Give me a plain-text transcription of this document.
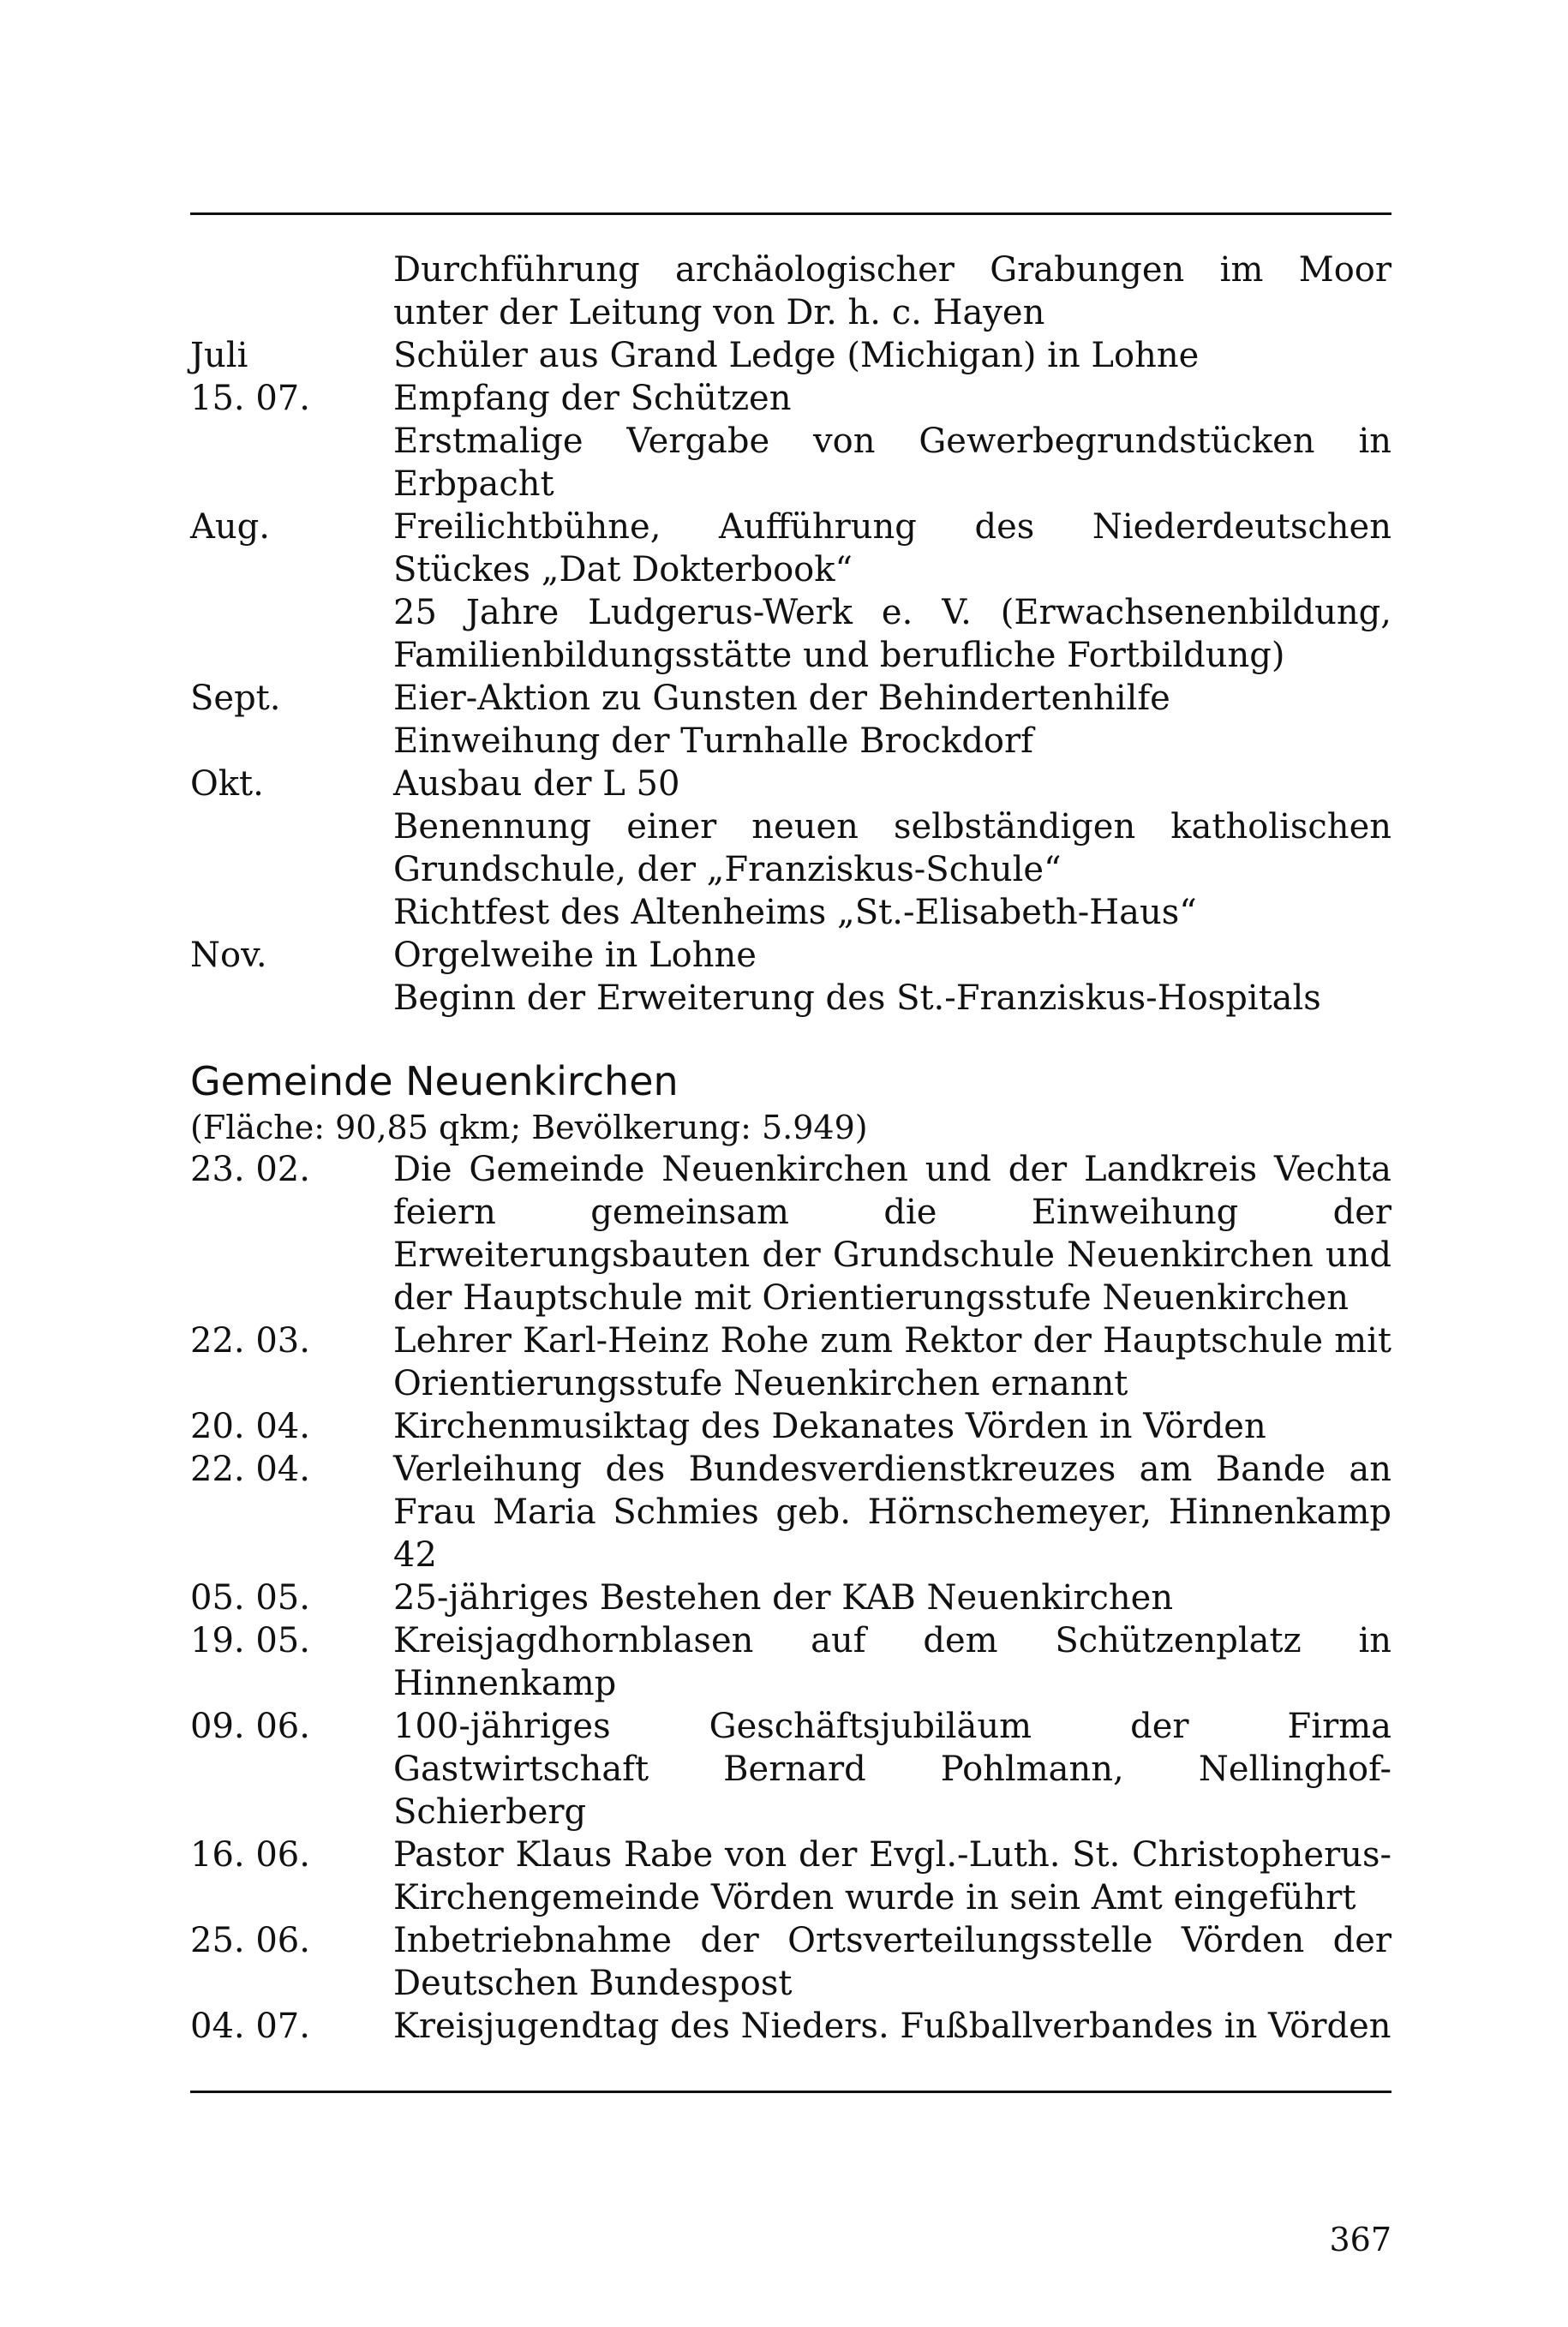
Durchführung archäologischer Grabungen im Moor unter der Leitung von Dr. h. c. Hayen
Juli	Schüler aus Grand Ledge (Michigan) in Lohne
15. 07.	Empfang der Schützen
Erstmalige Vergabe von Gewerbegrundstücken in Erbpacht
Aug.	Freilichtbühne, Aufführung des Niederdeutschen Stückes „Dat Dokterbook“
25 Jahre Ludgerus-Werk e. V. (Erwachsenenbildung, Familienbildungsstätte und berufliche Fortbildung)
Sept.	Eier-Aktion zu Gunsten der Behindertenhilfe
Einweihung der Turnhalle Brockdorf
Okt.	Ausbau der L 50
Benennung einer neuen selbständigen katholischen Grundschule, der „Franziskus-Schule“
Richtfest des Altenheims „St.-Elisabeth-Haus“
Nov.	Orgelweihe in Lohne
Beginn der Erweiterung des St.-Franziskus-Hospitals
Gemeinde Neuenkirchen

(Fläche: 90,85 qkm; Bevölkerung: 5.949)

23. 02.	Die Gemeinde Neuenkirchen und der Landkreis Vechta feiern gemeinsam die Einweihung der Erweiterungsbauten der Grundschule Neuenkirchen und der Hauptschule mit Orientierungsstufe Neuenkirchen
22. 03.	Lehrer Karl-Heinz Rohe zum Rektor der Hauptschule mit Orientierungsstufe Neuenkirchen ernannt
20. 04.	Kirchenmusiktag des Dekanates Vörden in Vörden
22. 04.	Verleihung des Bundesverdienstkreuzes am Bande an Frau Maria Schmies geb. Hörnschemeyer, Hinnenkamp 42
05. 05.	25-jähriges Bestehen der KAB Neuenkirchen
19. 05.	Kreisjagdhornblasen auf dem Schützenplatz in Hinnenkamp
09. 06.	100-jähriges Geschäftsjubiläum der Firma Gastwirtschaft Bernard Pohlmann, Nellinghof-Schierberg
16. 06.	Pastor Klaus Rabe von der Evgl.-Luth. St. Christopherus-Kirchengemeinde Vörden wurde in sein Amt eingeführt
25. 06.	Inbetriebnahme der Ortsverteilungsstelle Vörden der Deutschen Bundespost
04. 07.	Kreisjugendtag des Nieders. Fußballverbandes in Vörden
367
